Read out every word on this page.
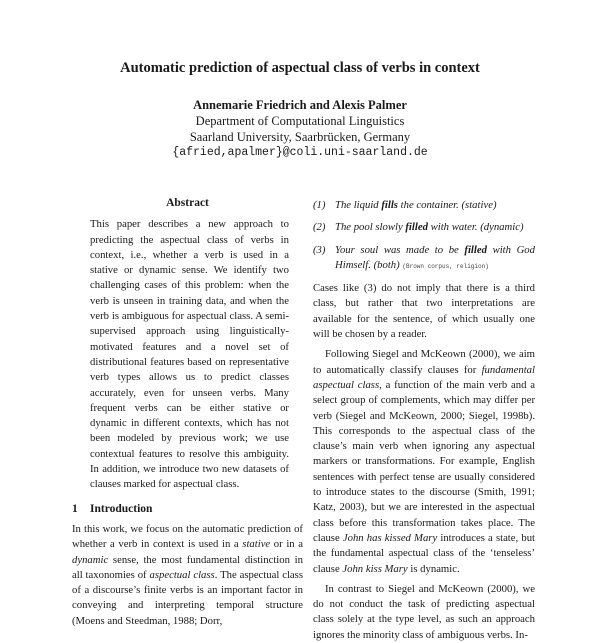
Automatic prediction of aspectual class of verbs in context
Annemarie Friedrich and Alexis Palmer
Department of Computational Linguistics
Saarland University, Saarbrücken, Germany
{afried,apalmer}@coli.uni-saarland.de
Abstract

This paper describes a new approach to predicting the aspectual class of verbs in context, i.e., whether a verb is used in a stative or dynamic sense. We identify two challenging cases of this problem: when the verb is unseen in training data, and when the verb is ambiguous for aspectual class. A semi-supervised approach using linguistically-motivated features and a novel set of distributional features based on representative verb types allows us to predict classes accurately, even for unseen verbs. Many frequent verbs can be either stative or dynamic in different contexts, which has not been modeled by previous work; we use contextual features to resolve this ambiguity. In addition, we introduce two new datasets of clauses marked for aspectual class.

1 Introduction

In this work, we focus on the automatic prediction of whether a verb in context is used in a stative or in a dynamic sense, the most fundamental distinction in all taxonomies of aspectual class. The aspectual class of a discourse’s finite verbs is an important factor in conveying and interpreting temporal structure (Moens and Steedman, 1988; Dorr,

(1) The liquid fills the container. (stative)
(2) The pool slowly filled with water. (dynamic)
(3) Your soul was made to be filled with God Himself. (both) (Brown corpus, religion)

Cases like (3) do not imply that there is a third class, but rather that two interpretations are available for the sentence, of which usually one will be chosen by a reader.

Following Siegel and McKeown (2000), we aim to automatically classify clauses for fundamental aspectual class, a function of the main verb and a select group of complements, which may differ per verb (Siegel and McKeown, 2000; Siegel, 1998b). This corresponds to the aspectual class of the clause’s main verb when ignoring any aspectual markers or transformations. For example, English sentences with perfect tense are usually considered to introduce states to the discourse (Smith, 1991; Katz, 2003), but we are interested in the aspectual class before this transformation takes place. The clause John has kissed Mary introduces a state, but the fundamental aspectual class of the ‘tenseless’ clause John kiss Mary is dynamic.

In contrast to Siegel and McKeown (2000), we do not conduct the task of predicting aspectual class solely at the type level, as such an approach ignores the minority class of ambiguous verbs. In-
